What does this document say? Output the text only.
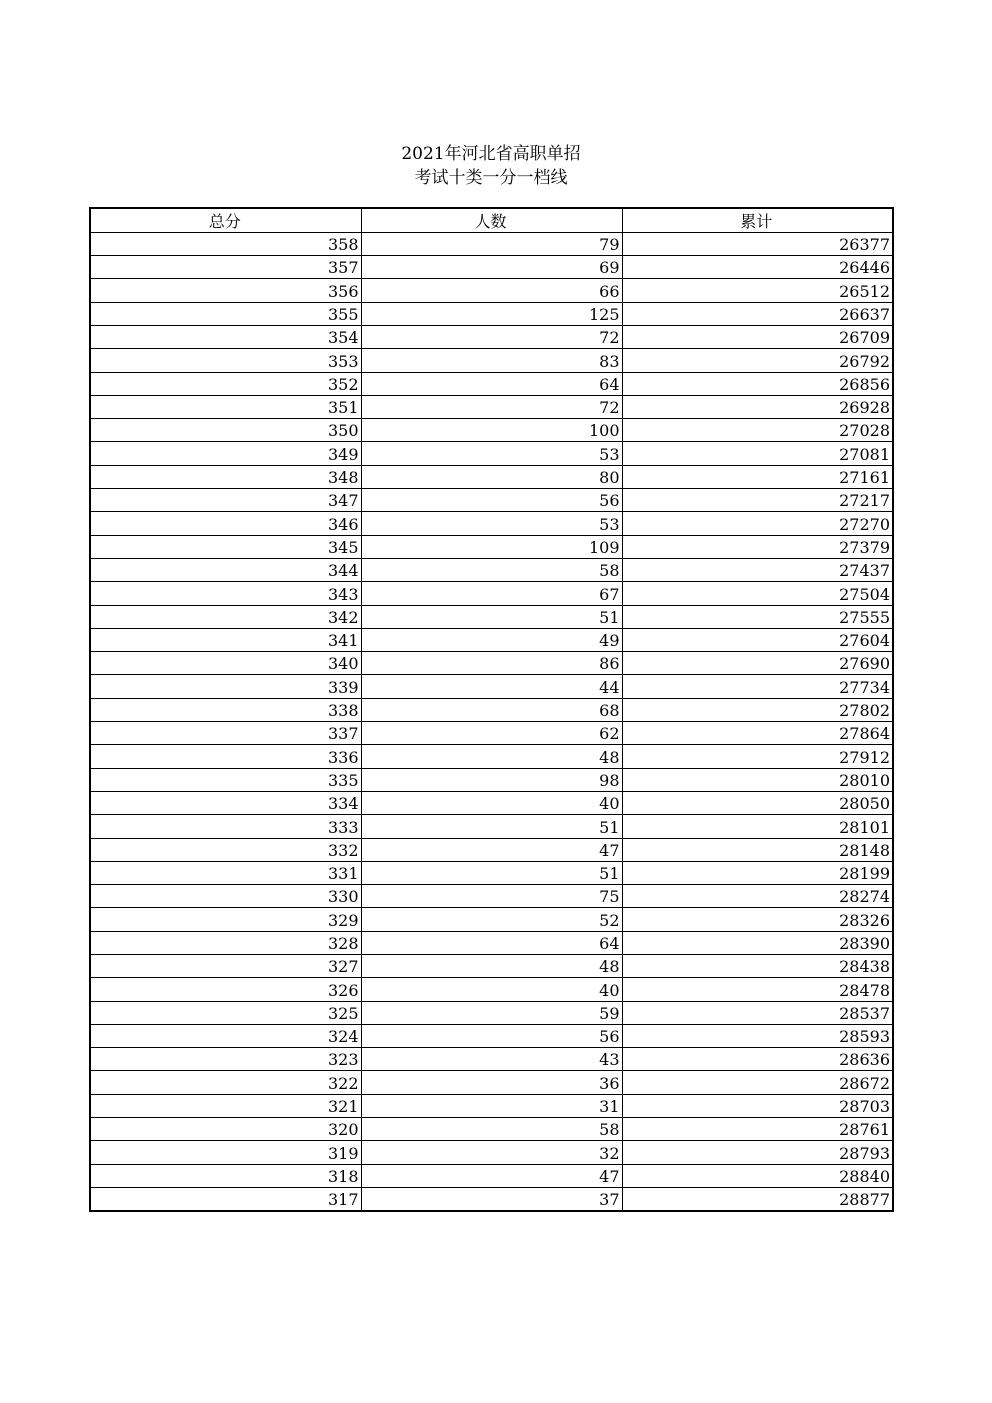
2021年河北省高职单招
考试十类一分一档线
总分	人数	累计
358	79	26377
357	69	26446
356	66	26512
355	125	26637
354	72	26709
353	83	26792
352	64	26856
351	72	26928
350	100	27028
349	53	27081
348	80	27161
347	56	27217
346	53	27270
345	109	27379
344	58	27437
343	67	27504
342	51	27555
341	49	27604
340	86	27690
339	44	27734
338	68	27802
337	62	27864
336	48	27912
335	98	28010
334	40	28050
333	51	28101
332	47	28148
331	51	28199
330	75	28274
329	52	28326
328	64	28390
327	48	28438
326	40	28478
325	59	28537
324	56	28593
323	43	28636
322	36	28672
321	31	28703
320	58	28761
319	32	28793
318	47	28840
317	37	28877
